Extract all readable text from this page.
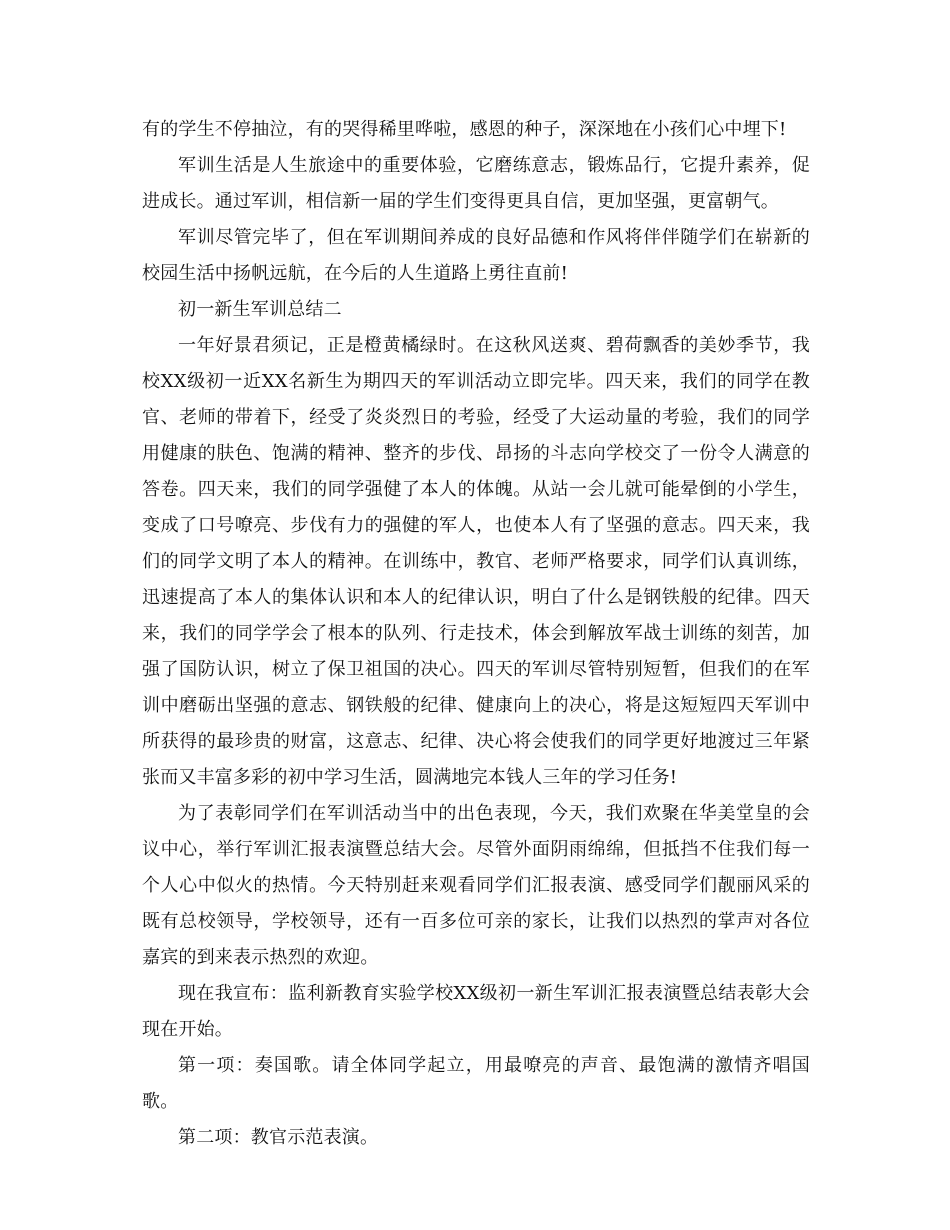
有的学生不停抽泣，有的哭得稀里哗啦，感恩的种子，深深地在小孩们心中埋下!

军训生活是人生旅途中的重要体验，它磨练意志，锻炼品行，它提升素养，促进成长。通过军训，相信新一届的学生们变得更具自信，更加坚强，更富朝气。

军训尽管完毕了，但在军训期间养成的良好品德和作风将伴伴随学们在崭新的校园生活中扬帆远航，在今后的人生道路上勇往直前!

初一新生军训总结二

一年好景君须记，正是橙黄橘绿时。在这秋风送爽、碧荷飘香的美妙季节，我校XX级初一近XX名新生为期四天的军训活动立即完毕。四天来，我们的同学在教官、老师的带着下，经受了炎炎烈日的考验，经受了大运动量的考验，我们的同学用健康的肤色、饱满的精神、整齐的步伐、昂扬的斗志向学校交了一份令人满意的答卷。四天来，我们的同学强健了本人的体魄。从站一会儿就可能晕倒的小学生，变成了口号嘹亮、步伐有力的强健的军人，也使本人有了坚强的意志。四天来，我们的同学文明了本人的精神。在训练中，教官、老师严格要求，同学们认真训练，迅速提高了本人的集体认识和本人的纪律认识，明白了什么是钢铁般的纪律。四天来，我们的同学学会了根本的队列、行走技术，体会到解放军战士训练的刻苦，加强了国防认识，树立了保卫祖国的决心。四天的军训尽管特别短暂，但我们的在军训中磨砺出坚强的意志、钢铁般的纪律、健康向上的决心，将是这短短四天军训中所获得的最珍贵的财富，这意志、纪律、决心将会使我们的同学更好地渡过三年紧张而又丰富多彩的初中学习生活，圆满地完本钱人三年的学习任务!

为了表彰同学们在军训活动当中的出色表现，今天，我们欢聚在华美堂皇的会议中心，举行军训汇报表演暨总结大会。尽管外面阴雨绵绵，但抵挡不住我们每一个人心中似火的热情。今天特别赶来观看同学们汇报表演、感受同学们靓丽风采的既有总校领导，学校领导，还有一百多位可亲的家长，让我们以热烈的掌声对各位嘉宾的到来表示热烈的欢迎。

现在我宣布：监利新教育实验学校XX级初一新生军训汇报表演暨总结表彰大会现在开始。

第一项：奏国歌。请全体同学起立，用最嘹亮的声音、最饱满的激情齐唱国歌。

第二项：教官示范表演。
